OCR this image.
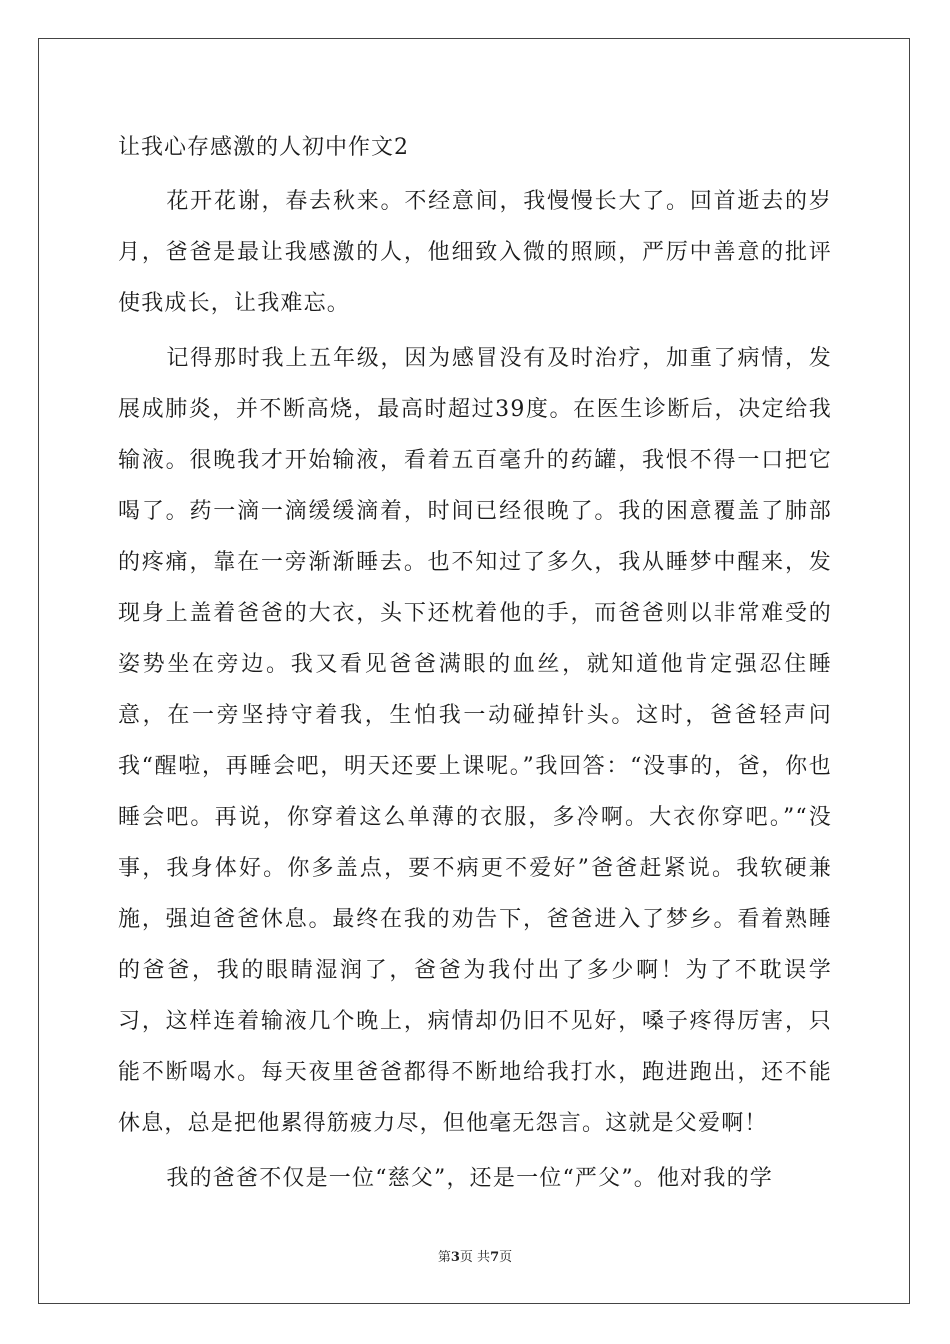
让我心存感激的人初中作文2

花开花谢，春去秋来。不经意间，我慢慢长大了。回首逝去的岁月，爸爸是最让我感激的人，他细致入微的照顾，严厉中善意的批评使我成长，让我难忘。

记得那时我上五年级，因为感冒没有及时治疗，加重了病情，发展成肺炎，并不断高烧，最高时超过39度。在医生诊断后，决定给我输液。很晚我才开始输液，看着五百毫升的药罐，我恨不得一口把它喝了。药一滴一滴缓缓滴着，时间已经很晚了。我的困意覆盖了肺部的疼痛，靠在一旁渐渐睡去。也不知过了多久，我从睡梦中醒来，发现身上盖着爸爸的大衣，头下还枕着他的手，而爸爸则以非常难受的姿势坐在旁边。我又看见爸爸满眼的血丝，就知道他肯定强忍住睡意，在一旁坚持守着我，生怕我一动碰掉针头。这时，爸爸轻声问我“醒啦，再睡会吧，明天还要上课呢。”我回答：“没事的，爸，你也睡会吧。再说，你穿着这么单薄的衣服，多冷啊。大衣你穿吧。”“没事，我身体好。你多盖点，要不病更不爱好”爸爸赶紧说。我软硬兼施，强迫爸爸休息。最终在我的劝告下，爸爸进入了梦乡。看着熟睡的爸爸，我的眼睛湿润了，爸爸为我付出了多少啊！为了不耽误学习，这样连着输液几个晚上，病情却仍旧不见好，嗓子疼得厉害，只能不断喝水。每天夜里爸爸都得不断地给我打水，跑进跑出，还不能休息，总是把他累得筋疲力尽，但他毫无怨言。这就是父爱啊！

我的爸爸不仅是一位“慈父”，还是一位“严父”。他对我的学

第3页 共7页
